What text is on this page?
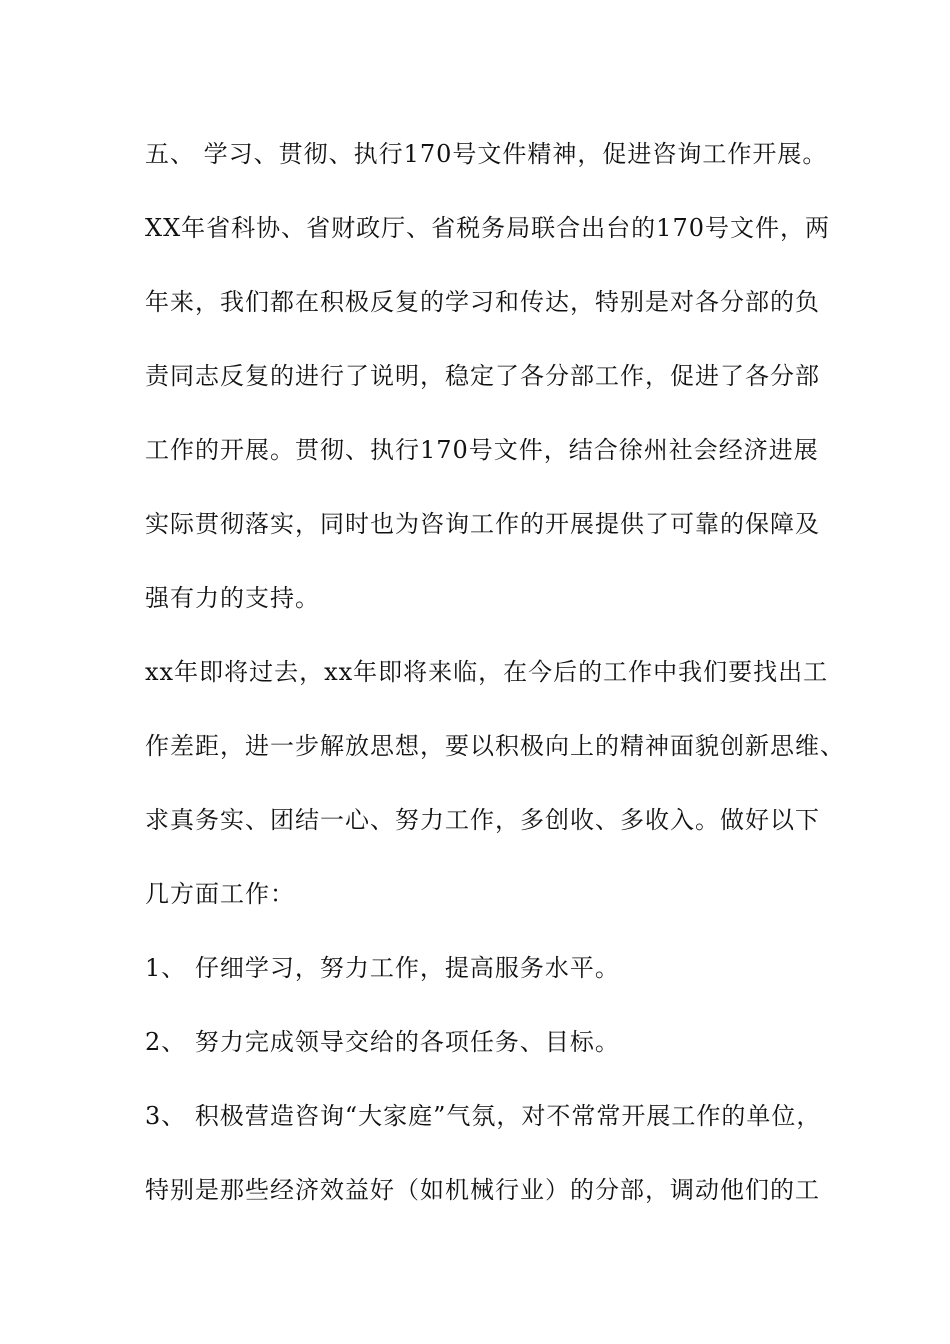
五、 学习、贯彻、执行170号文件精神，促进咨询工作开展。
XX年省科协、省财政厅、省税务局联合出台的170号文件，两
年来，我们都在积极反复的学习和传达，特别是对各分部的负
责同志反复的进行了说明，稳定了各分部工作，促进了各分部
工作的开展。贯彻、执行170号文件，结合徐州社会经济进展
实际贯彻落实，同时也为咨询工作的开展提供了可靠的保障及
强有力的支持。
xx年即将过去，xx年即将来临，在今后的工作中我们要找出工
作差距，进一步解放思想，要以积极向上的精神面貌创新思维、
求真务实、团结一心、努力工作，多创收、多收入。做好以下
几方面工作：
1、 仔细学习，努力工作，提高服务水平。
2、 努力完成领导交给的各项任务、目标。
3、 积极营造咨询“大家庭”气氛，对不常常开展工作的单位，
特别是那些经济效益好（如机械行业）的分部，调动他们的工
